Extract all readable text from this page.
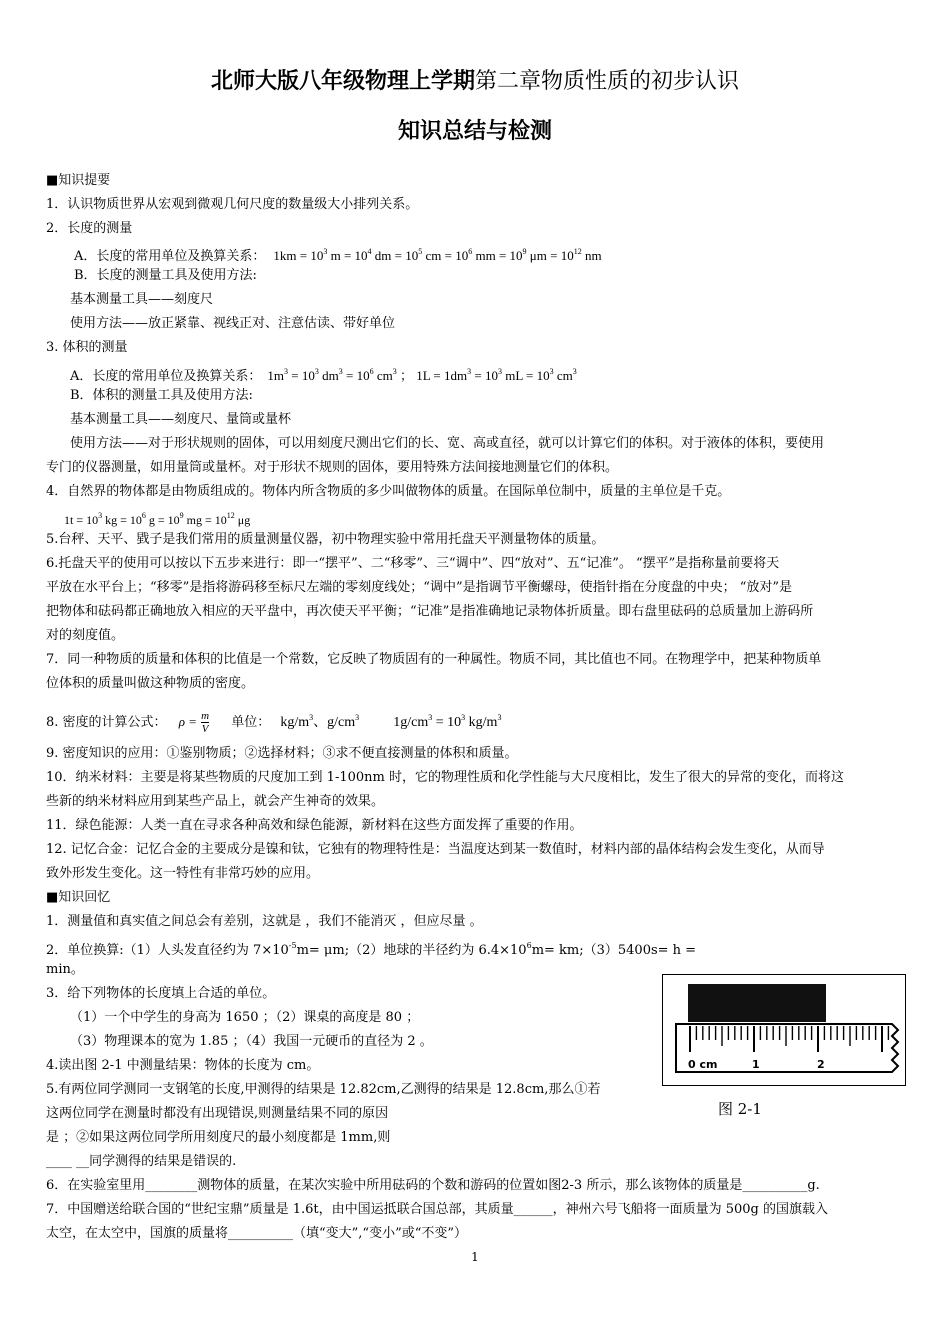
北师大版八年级物理上学期第二章物质性质的初步认识
知识总结与检测
■知识提要
1．认识物质世界从宏观到微观几何尺度的数量级大小排列关系。
2．长度的测量
A．长度的常用单位及换算关系： $1km = 10^3$ $m = 10^4$ dm = $10^5$ cm = $10^6$ mm = $10^9$ $\mu m = 10^{12}$ nm
B．长度的测量工具及使用方法:
基本测量工具——刻度尺
使用方法——放正紧靠、视线正对、注意估读、带好单位
3. 体积的测量
A．长度的常用单位及换算关系： $1m^3 = 10^3$ $dm^3 = 10^6$ $cm^3$ ； $1L = 1dm^3 = 10^3$ mL = $10^3$ $cm^3$
B．体积的测量工具及使用方法:
基本测量工具——刻度尺、量筒或量杯
使用方法——对于形状规则的固体，可以用刻度尺测出它们的长、宽、高或直径，就可以计算它们的体积。对于液体的体积，要使用
专门的仪器测量，如用量筒或量杯。对于形状不规则的固体，要用特殊方法间接地测量它们的体积。
4．自然界的物体都是由物质组成的。物体内所含物质的多少叫做物体的质量。在国际单位制中，质量的主单位是千克。
$1t = 10^3$ kg = $10^6$ $g = 10^9$ mg = $10^{12}$ μg
5.台秤、天平、戥子是我们常用的质量测量仪器，初中物理实验中常用托盘天平测量物体的质量。
6.托盘天平的使用可以按以下五步来进行：即一“摆平”、二“移零”、三“调中”、四“放对”、五“记准”。 “摆平”是指称量前要将天
平放在水平台上；“移零”是指将游码移至标尺左端的零刻度线处；“调中”是指调节平衡螺母，使指针指在分度盘的中央； “放对”是
把物体和砝码都正确地放入相应的天平盘中，再次使天平平衡；“记准”是指准确地记录物体折质量。即右盘里砝码的总质量加上游码所
对的刻度值。
7．同一种物质的质量和体积的比值是一个常数，它反映了物质固有的一种属性。物质不同，其比值也不同。在物理学中，把某种物质单
位体积的质量叫做这种物质的密度。
8. 密度的计算公式： $\rho = \frac{m}{V}$ 单位： $kg/m^3$、$g/cm^3$ $1g/cm^3 = 10^3$ $kg/m^3$
9. 密度知识的应用：①鉴别物质；②选择材料；③求不便直接测量的体积和质量。
10．纳米材料：主要是将某些物质的尺度加工到 1-100nm 时，它的物理性质和化学性能与大尺度相比，发生了很大的异常的变化，而将这
些新的纳米材料应用到某些产品上，就会产生神奇的效果。
11．绿色能源：人类一直在寻求各种高效和绿色能源，新材料在这些方面发挥了重要的作用。
12. 记忆合金：记忆合金的主要成分是镍和钛，它独有的物理特性是：当温度达到某一数值时，材料内部的晶体结构会发生变化，从而导
致外形发生变化。这一特性有非常巧妙的应用。
■知识回忆
1．测量值和真实值之间总会有差别，这就是 ，我们不能消灭 ，但应尽量 。
2．单位换算:（1）人头发直径约为 $7\times 10^{-5}m=$ μm;（2）地球的半径约为 $6.4\times 10^6m=$ km;（3）5400s= h =
min。
3．给下列物体的长度填上合适的单位。
（1）一个中学生的身高为 1650 ；（2）课桌的高度是 80 ；
（3）物理课本的宽为 1.85 ；（4）我国一元硬币的直径为 2 。
4.读出图 2-1 中测量结果：物体的长度为 cm。
5.有两位同学测同一支钢笔的长度,甲测得的结果是 12.82cm,乙测得的结果是 12.8cm,那么①若
这两位同学在测量时都没有出现错误,则测量结果不同的原因
是 ；②如果这两位同学所用刻度尺的最小刻度都是 1mm,则
____ __同学测得的结果是错误的.
6．在实验室里用________测物体的质量，在某次实验中所用砝码的个数和游码的位置如图2-3 所示，那么该物体的质量是__________g.
7．中国赠送给联合国的“世纪宝鼎”质量是 1.6t，由中国运抵联合国总部，其质量______，神州六号飞船将一面质量为 500g 的国旗载入
太空，在太空中，国旗的质量将__________（填“变大”,“变小”或“不变”）
0 cm	1	2
图 2-1
1
